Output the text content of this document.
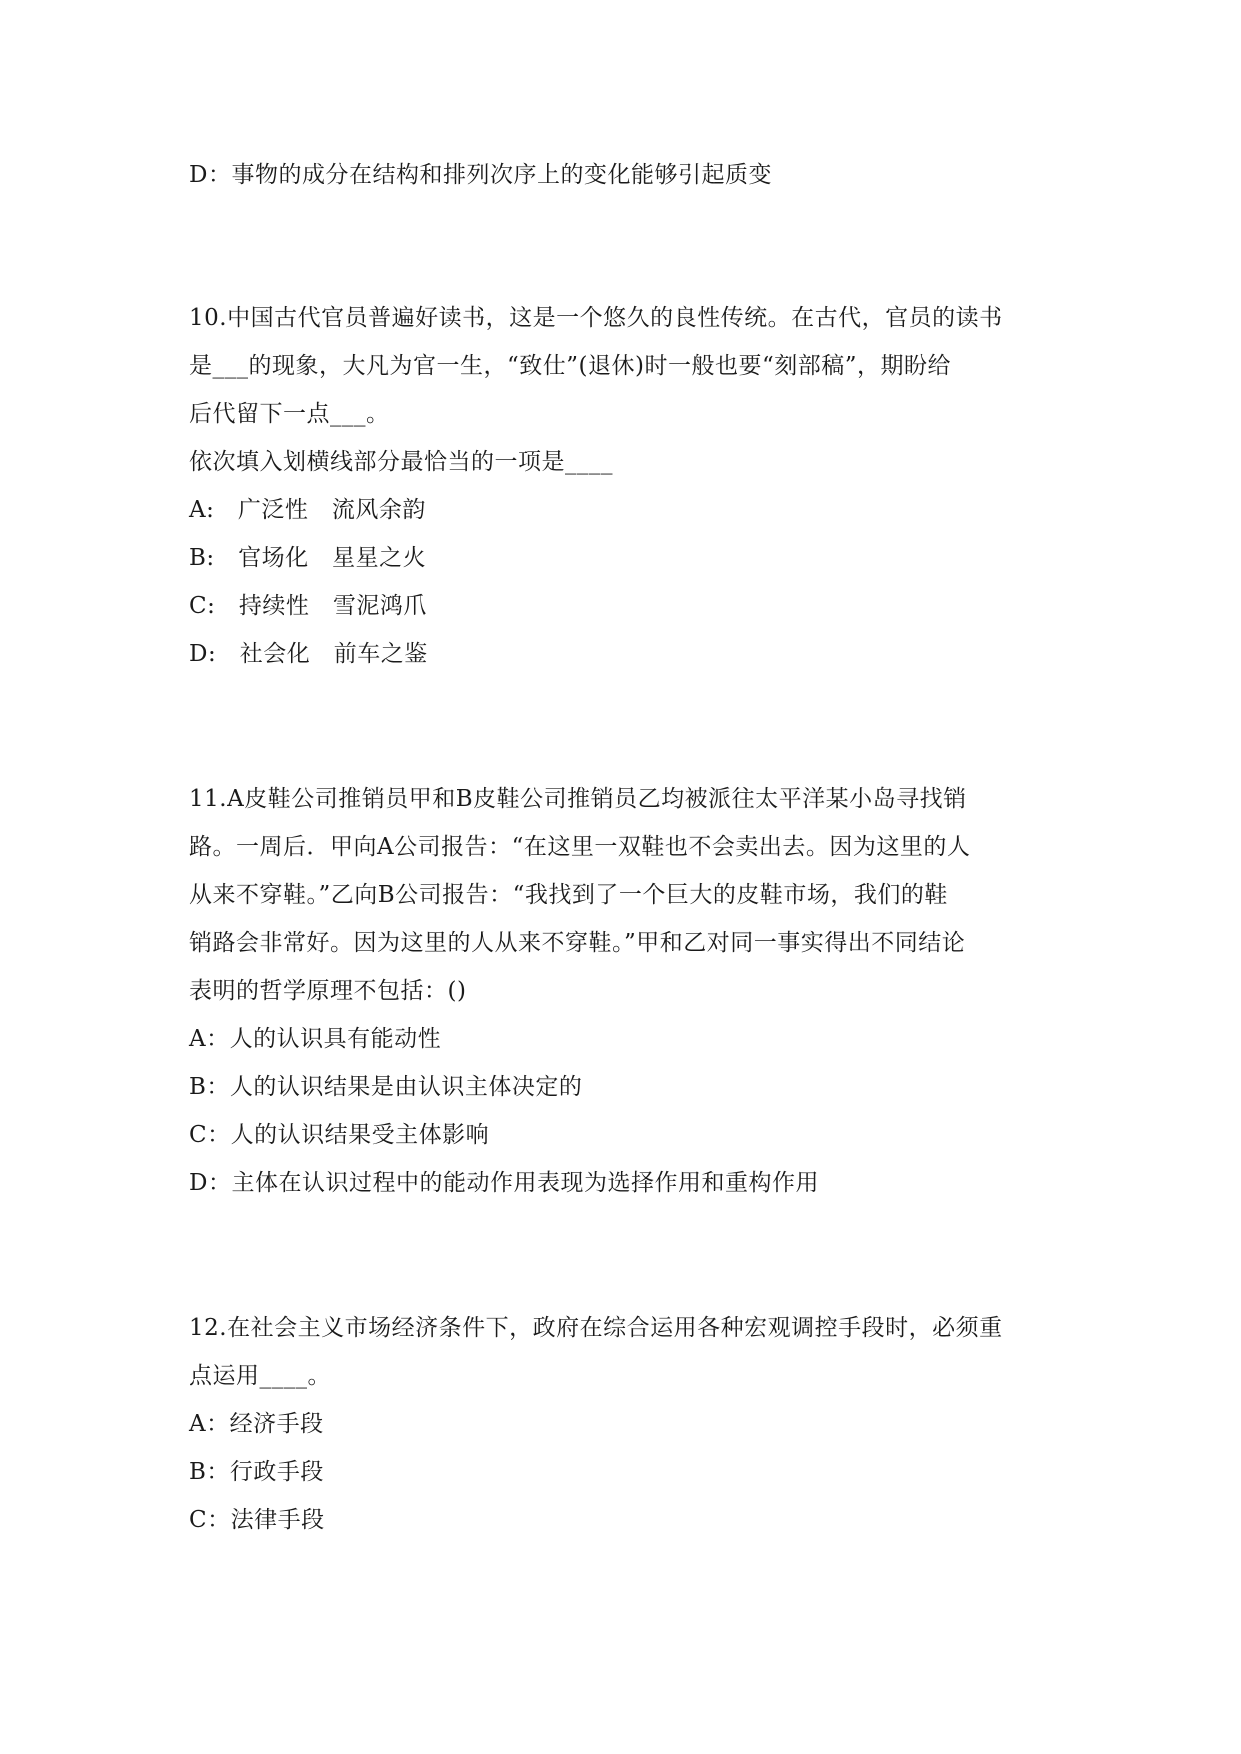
D：事物的成分在结构和排列次序上的变化能够引起质变
10.中国古代官员普遍好读书，这是一个悠久的良性传统。在古代，官员的读书
是___的现象，大凡为官一生，“致仕”(退休)时一般也要“刻部稿”，期盼给
后代留下一点___。
依次填入划横线部分最恰当的一项是____
A:　广泛性　流风余韵
B:　官场化　星星之火
C:　持续性　雪泥鸿爪
D:　社会化　前车之鉴
11.A皮鞋公司推销员甲和B皮鞋公司推销员乙均被派往太平洋某小岛寻找销
路。一周后．甲向A公司报告：“在这里一双鞋也不会卖出去。因为这里的人
从来不穿鞋。”乙向B公司报告：“我找到了一个巨大的皮鞋市场，我们的鞋
销路会非常好。因为这里的人从来不穿鞋。”甲和乙对同一事实得出不同结论
表明的哲学原理不包括：()
A：人的认识具有能动性
B：人的认识结果是由认识主体决定的
C：人的认识结果受主体影响
D：主体在认识过程中的能动作用表现为选择作用和重构作用
12.在社会主义市场经济条件下，政府在综合运用各种宏观调控手段时，必须重
点运用____。
A：经济手段
B：行政手段
C：法律手段
